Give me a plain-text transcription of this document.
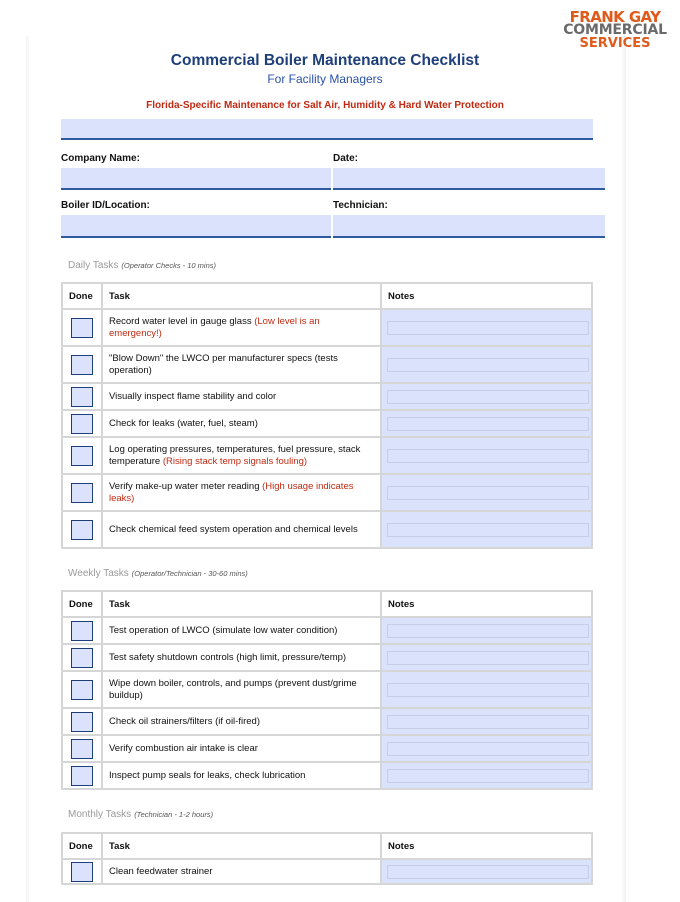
FRANK GAY
COMMERCIAL
SERVICES
Commercial Boiler Maintenance Checklist
For Facility Managers
Florida-Specific Maintenance for Salt Air, Humidity & Hard Water Protection
Company Name:	Date:
Boiler ID/Location:	Technician:
Daily Tasks (Operator Checks - 10 mins)
Done	Task	Notes
	Record water level in gauge glass (Low level is an emergency!)	

	"Blow Down" the LWCO per manufacturer specs (tests operation)	

	Visually inspect flame stability and color	

	Check for leaks (water, fuel, steam)	

	Log operating pressures, temperatures, fuel pressure, stack temperature (Rising stack temp signals fouling)	

	Verify make-up water meter reading (High usage indicates leaks)	

	Check chemical feed system operation and chemical levels	
Weekly Tasks (Operator/Technician - 30-60 mins)
Done	Task	Notes
	Test operation of LWCO (simulate low water condition)	

	Test safety shutdown controls (high limit, pressure/temp)	

	Wipe down boiler, controls, and pumps (prevent dust/grime buildup)	

	Check oil strainers/filters (if oil-fired)	

	Verify combustion air intake is clear	

	Inspect pump seals for leaks, check lubrication	
Monthly Tasks (Technician - 1-2 hours)
Done	Task	Notes
	Clean feedwater strainer	
